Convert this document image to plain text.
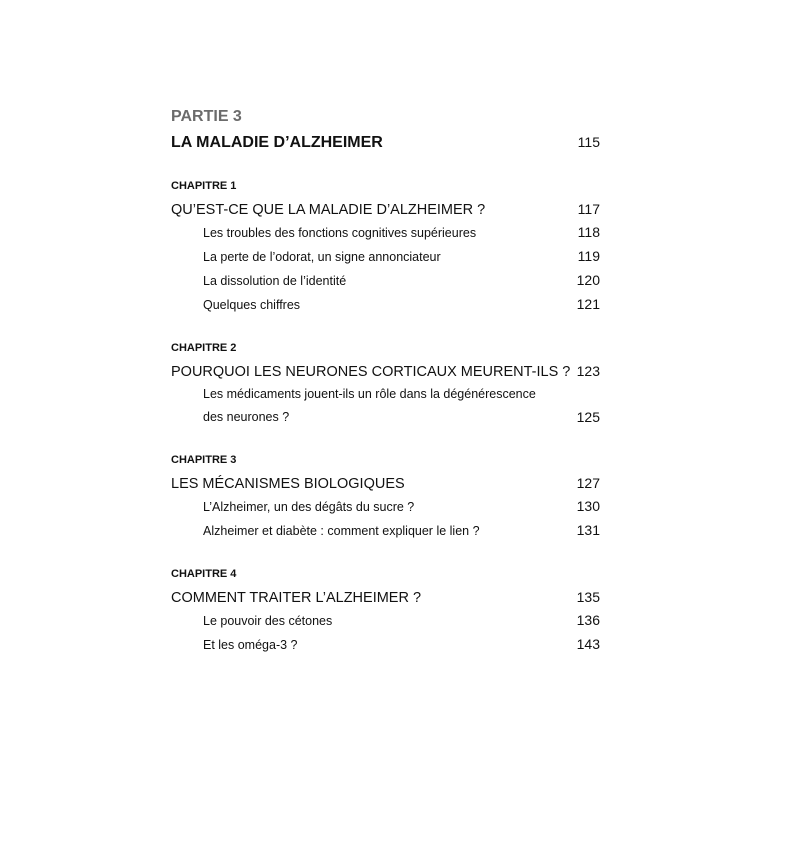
PARTIE 3
LA MALADIE D’ALZHEIMER	115
CHAPITRE 1
QU’EST-CE QUE LA MALADIE D’ALZHEIMER ?	117
Les troubles des fonctions cognitives supérieures	118
La perte de l’odorat, un signe annonciateur	119
La dissolution de l’identité	120
Quelques chiffres	121
CHAPITRE 2
POURQUOI LES NEURONES CORTICAUX MEURENT-ILS ? 123
Les médicaments jouent-ils un rôle dans la dégénérescence des neurones ?	125
CHAPITRE 3
LES MÉCANISMES BIOLOGIQUES	127
L’Alzheimer, un des dégâts du sucre ?	130
Alzheimer et diabète : comment expliquer le lien ?	131
CHAPITRE 4
COMMENT TRAITER L’ALZHEIMER ?	135
Le pouvoir des cétones	136
Et les oméga-3 ?	143
